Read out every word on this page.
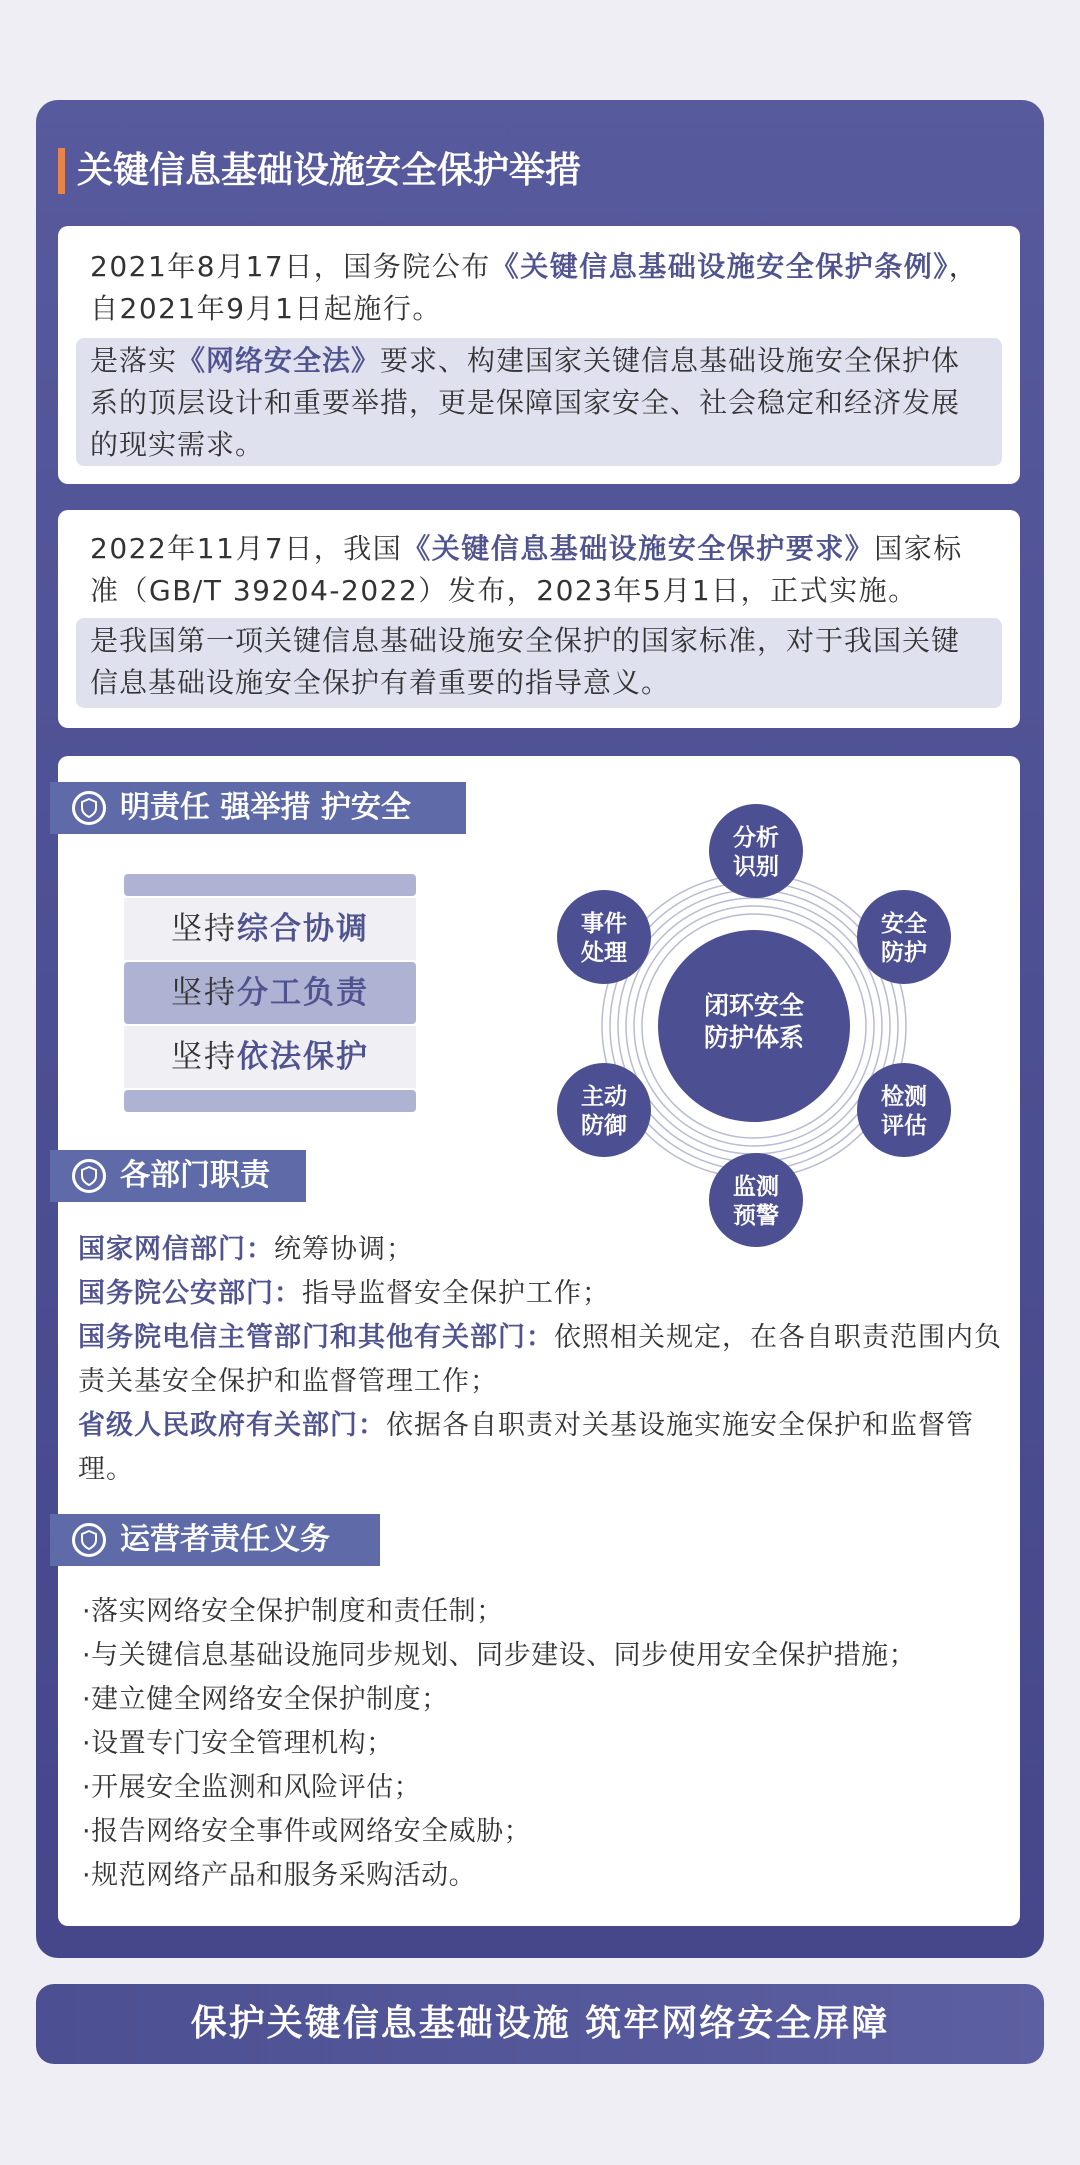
关键信息基础设施安全保护举措
2021年8月17日，国务院公布《关键信息基础设施安全保护条例》，自2021年9月1日起施行。
是落实《网络安全法》要求、构建国家关键信息基础设施安全保护体系的顶层设计和重要举措，更是保障国家安全、社会稳定和经济发展的现实需求。
2022年11月7日，我国《关键信息基础设施安全保护要求》国家标准（GB/T 39204-2022）发布，2023年5月1日，正式实施。
是我国第一项关键信息基础设施安全保护的国家标准，对于我国关键信息基础设施安全保护有着重要的指导意义。
明责任 强举措 护安全
坚持综合协调
坚持分工负责
坚持依法保护
闭环安全
防护体系
分析
识别
安全
防护
检测
评估
监测
预警
主动
防御
事件
处理
各部门职责
国家网信部门：统筹协调；
国务院公安部门：指导监督安全保护工作；
国务院电信主管部门和其他有关部门：依照相关规定，在各自职责范围内负责关基安全保护和监督管理工作；
省级人民政府有关部门：依据各自职责对关基设施实施安全保护和监督管理。
运营者责任义务
·落实网络安全保护制度和责任制；
·与关键信息基础设施同步规划、同步建设、同步使用安全保护措施；
·建立健全网络安全保护制度；
·设置专门安全管理机构；
·开展安全监测和风险评估；
·报告网络安全事件或网络安全威胁；
·规范网络产品和服务采购活动。
保护关键信息基础设施 筑牢网络安全屏障
